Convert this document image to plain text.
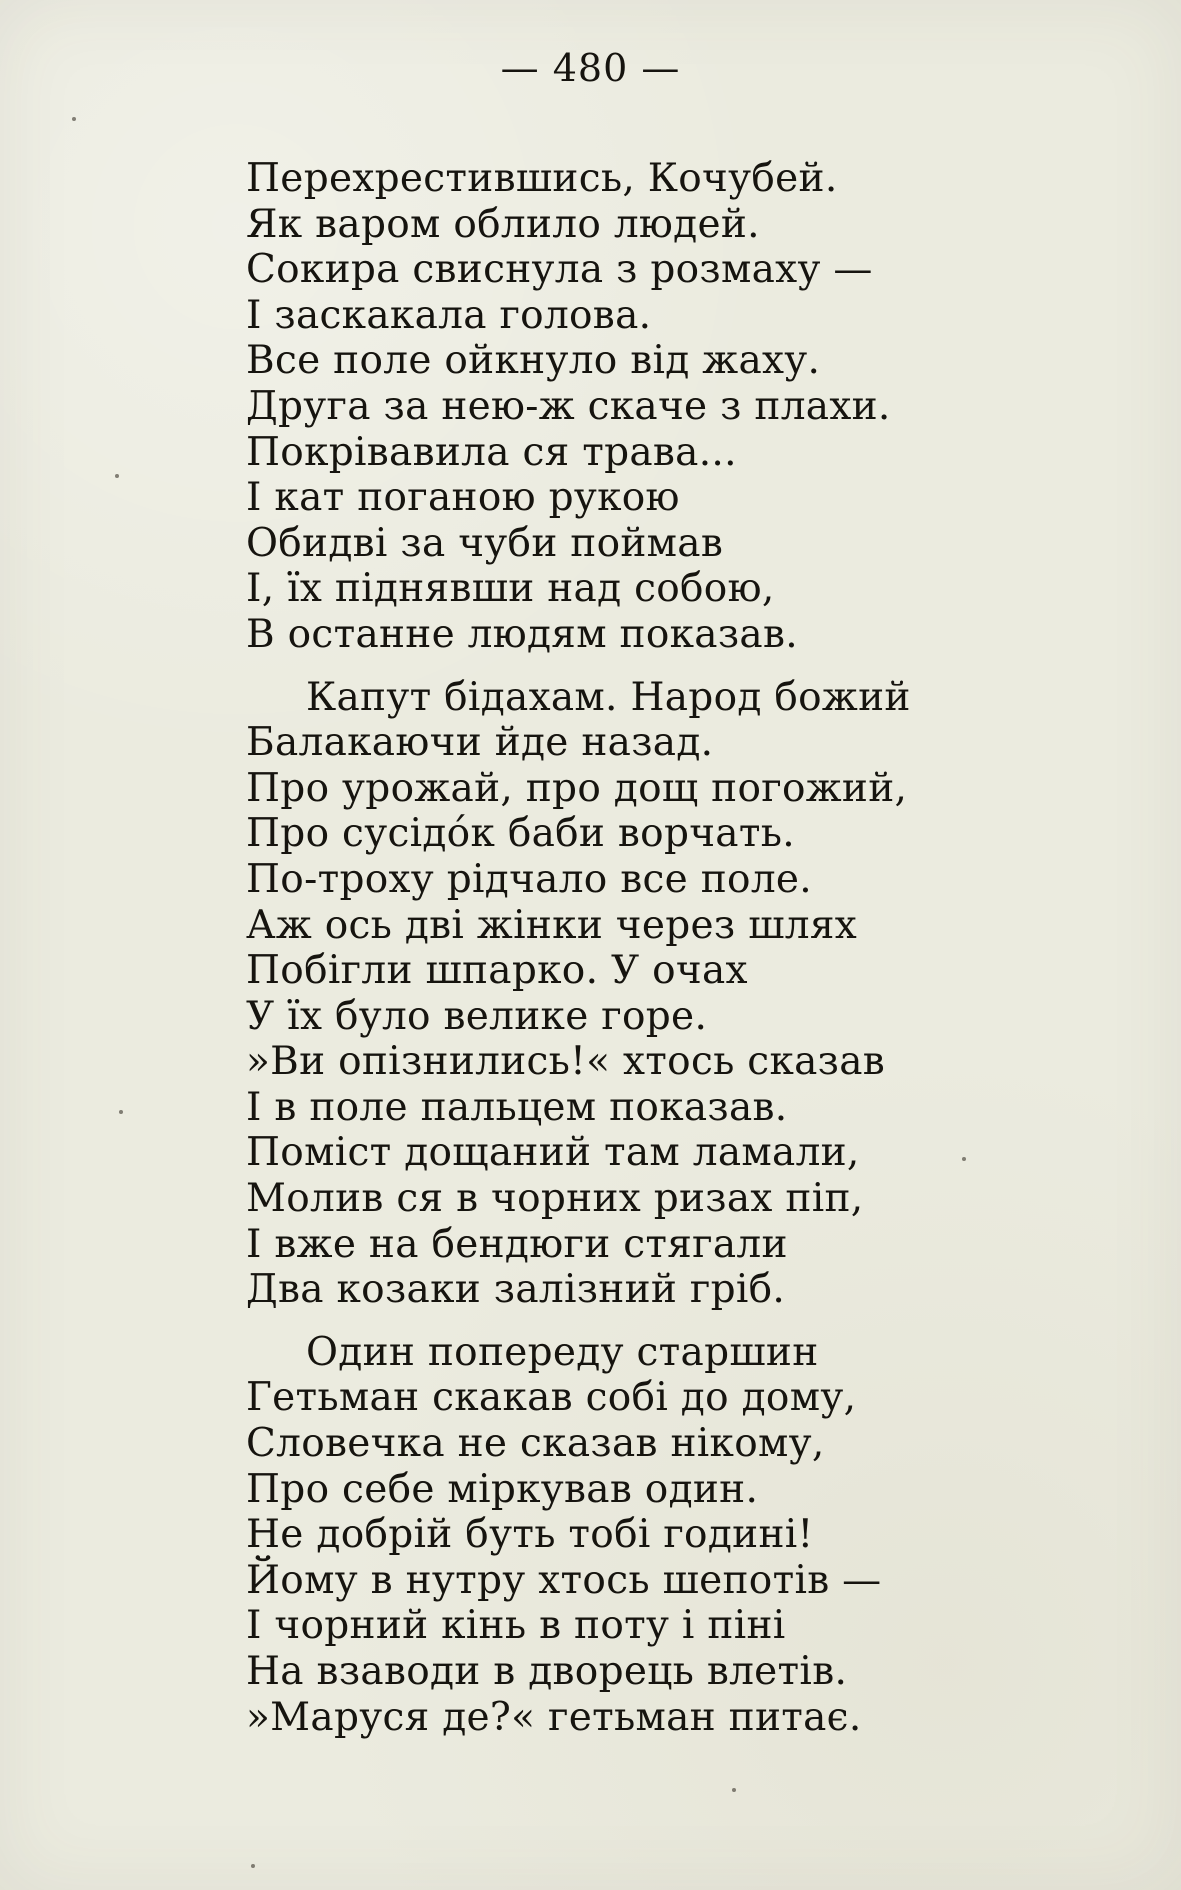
— 480 —
Перехрестившись, Кочубей.
Як варом облило людей.
Сокира свиснула з розмаху —
І заскакала голова.
Все поле ойкнуло від жаху.
Друга за нею-ж скаче з плахи.
Покрівавила ся трава...
І кат поганою рукою
Обидві за чуби поймав
І, їх піднявши над собою,
В останне людям показав.
Капут бідахам. Народ божий
Балакаючи йде назад.
Про урожай, про дощ погожий,
Про сусідо́к баби ворчать.
По-троху рідчало все поле.
Аж ось дві жінки через шлях
Побігли шпарко. У очах
У їх було велике горе.
»Ви опізнились!« хтось сказав
І в поле пальцем показав.
Поміст дощаний там ламали,
Молив ся в чорних ризах піп,
І вже на бендюги стягали
Два козаки залізний гріб.
Один попереду старшин
Гетьман скакав собі до дому,
Словечка не сказав нікому,
Про себе міркував один.
Не добрій буть тобі годині!
Йому в нутру хтось шепотів —
І чорний кінь в поту і піні
На взаводи в дворець влетів.
»Маруся де?« гетьман питає.
